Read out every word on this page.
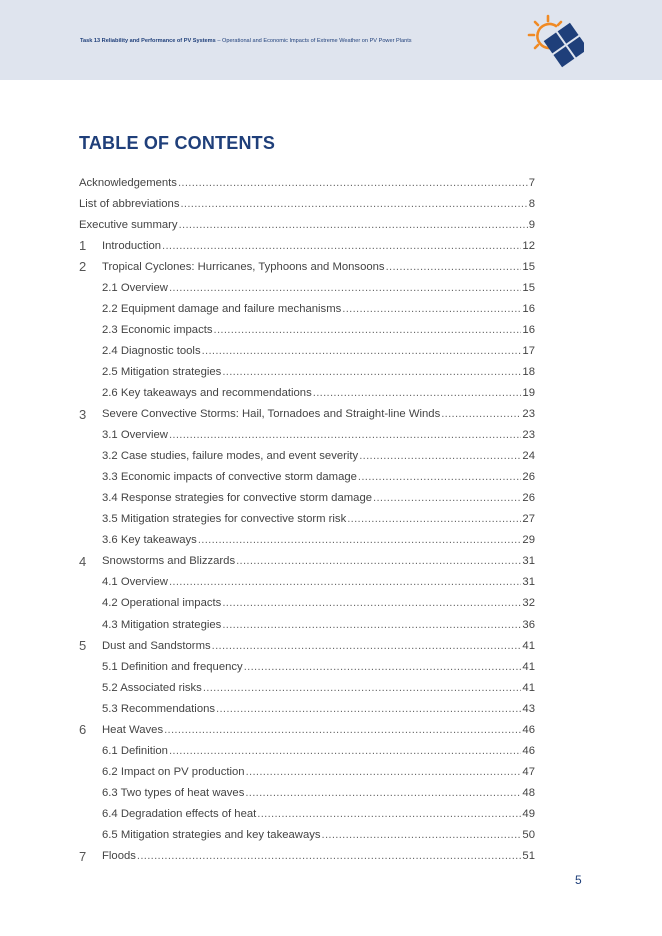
Task 13 Reliability and Performance of PV Systems – Operational and Economic Impacts of Extreme Weather on PV Power Plants
TABLE OF CONTENTS
Acknowledgements .....	7
List of abbreviations .....	8
Executive summary .....	9
1	Introduction .....	12
2	Tropical Cyclones: Hurricanes, Typhoons and Monsoons .....	15
2.1 Overview .....	15
2.2 Equipment damage and failure mechanisms .....	16
2.3 Economic impacts .....	16
2.4 Diagnostic tools .....	17
2.5 Mitigation strategies .....	18
2.6 Key takeaways and recommendations .....	19
3	Severe Convective Storms: Hail, Tornadoes and Straight-line Winds .....	23
3.1 Overview .....	23
3.2 Case studies, failure modes, and event severity .....	24
3.3 Economic impacts of convective storm damage .....	26
3.4 Response strategies for convective storm damage .....	26
3.5 Mitigation strategies for convective storm risk .....	27
3.6 Key takeaways .....	29
4	Snowstorms and Blizzards .....	31
4.1 Overview .....	31
4.2 Operational impacts .....	32
4.3 Mitigation strategies .....	36
5	Dust and Sandstorms .....	41
5.1 Definition and frequency .....	41
5.2 Associated risks .....	41
5.3 Recommendations .....	43
6	Heat Waves .....	46
6.1 Definition .....	46
6.2 Impact on PV production .....	47
6.3 Two types of heat waves .....	48
6.4 Degradation effects of heat .....	49
6.5 Mitigation strategies and key takeaways .....	50
7	Floods .....	51
5
